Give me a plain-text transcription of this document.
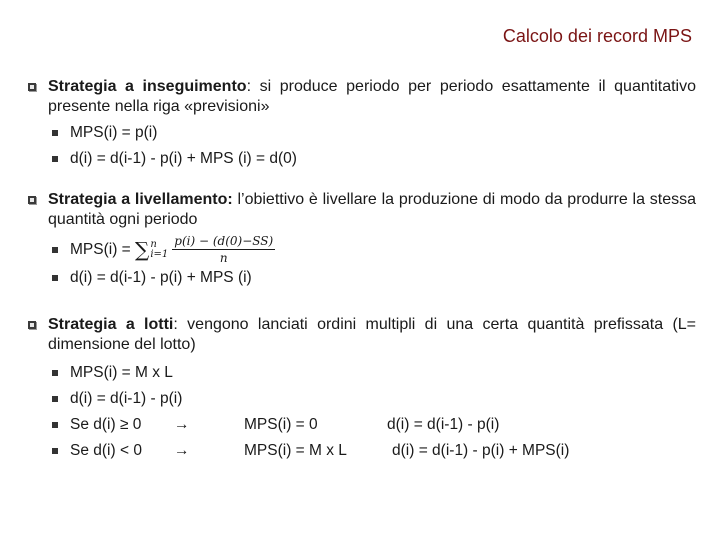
Calcolo dei record MPS
Strategia a inseguimento: si produce periodo per periodo esattamente il quantitativo presente nella riga «previsioni»
MPS(i) = p(i)
d(i) = d(i-1) - p(i) + MPS (i) = d(0)
Strategia a livellamento: l’obiettivo è livellare la produzione di modo da produrre la stessa quantità ogni periodo
MPS(i) = ∑n
$i=1 \frac{p(i) - (d(0)-SS)}{n}$
d(i) = d(i-1) - p(i) + MPS (i)
Strategia a lotti: vengono lanciati ordini multipli di una certa quantità prefissata (L= dimensione del lotto)
MPS(i) = M x L
d(i) = d(i-1) - p(i)
Se d(i) ≥ 0 →	MPS(i) = 0	d(i) = d(i-1) - p(i)
Se d(i) < 0 →	MPS(i) = M x L	d(i) = d(i-1) - p(i) + MPS(i)
